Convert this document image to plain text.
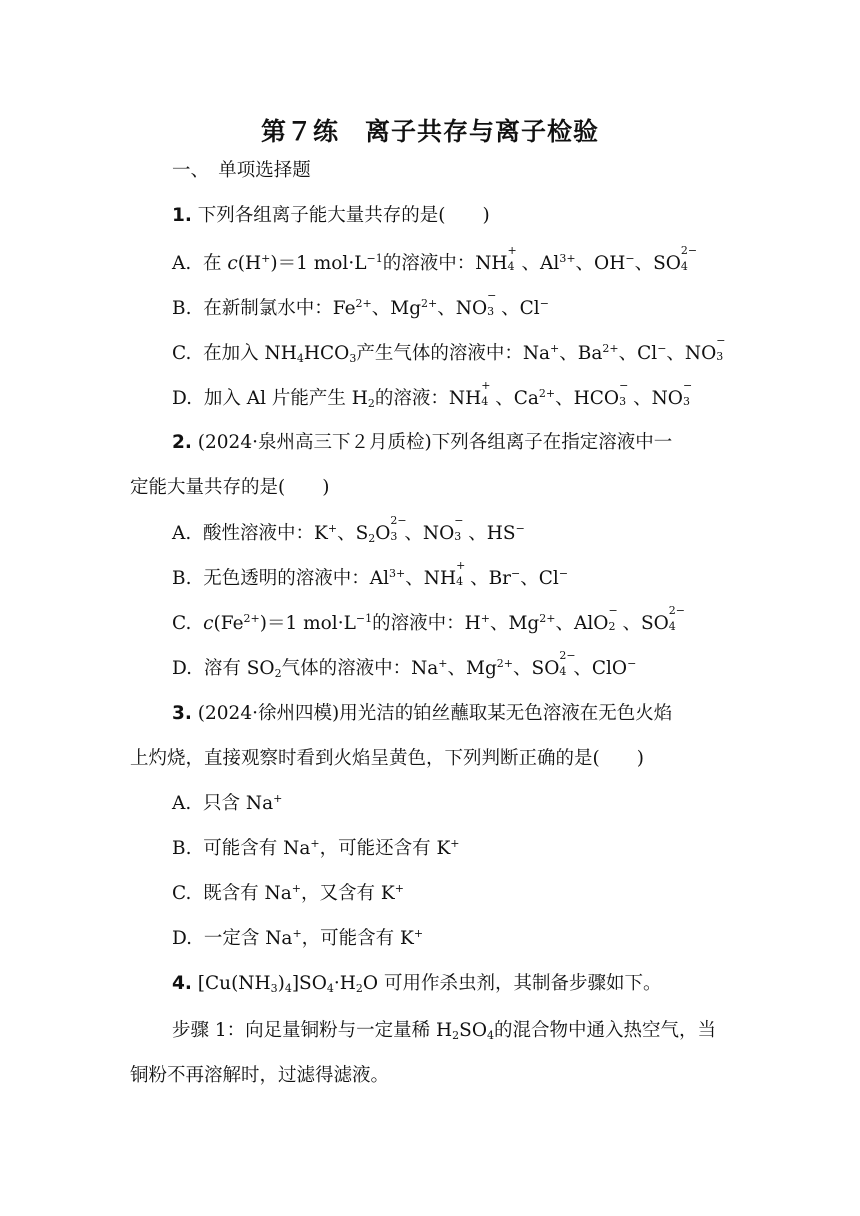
第７练　离子共存与离子检验
一、　单项选择题
1. 下列各组离子能大量共存的是(　　)
A. 在 c(H+)＝1 $mol\cdot L^{-1}$的溶液中：NH
+
4 、$Al^{3+}$、OH−、SO
2−
4
B. 在新制氯水中：$Fe^{2+}$、$Mg^{2+}$、NO
−
3 、Cl−
C. 在加入 $NH_4HCO_3$产生气体的溶液中：Na+、$Ba^{2+}$、Cl−、NO
−
3
D. 加入 Al 片能产生 $H_2$的溶液：NH
+
4 、$Ca^{2+}$、HCO
−
3 、NO
−
3
2. (2024·泉州高三下２月质检)下列各组离子在指定溶液中一
定能大量共存的是(　　)
A. 酸性溶液中：K+、$S_2O$
2−
3 、NO
−
3 、HS−
B. 无色透明的溶液中：$Al^{3+}$、NH
+
4 、Br−、Cl−
C. $c(Fe^{2+})=1$ $mol\cdot L^{-1}$的溶液中：H+、$Mg^{2+}$、AlO
−
2 、SO
2−
4
D. 溶有 $SO_2$气体的溶液中：Na+、$Mg^{2+}$、SO
2−
4 、ClO−
3. (2024·徐州四模)用光洁的铂丝蘸取某无色溶液在无色火焰
上灼烧，直接观察时看到火焰呈黄色，下列判断正确的是(　　)
A. 只含 Na+
B. 可能含有 Na+，可能还含有 K+
C. 既含有 Na+，又含有 K+
D. 一定含 Na+，可能含有 K+
4. $[Cu(NH_3)_4]SO_4\cdot H_2O$ 可用作杀虫剂，其制备步骤如下。
步骤 1：向足量铜粉与一定量稀 $H_2SO_4$的混合物中通入热空气，当
铜粉不再溶解时，过滤得滤液。
